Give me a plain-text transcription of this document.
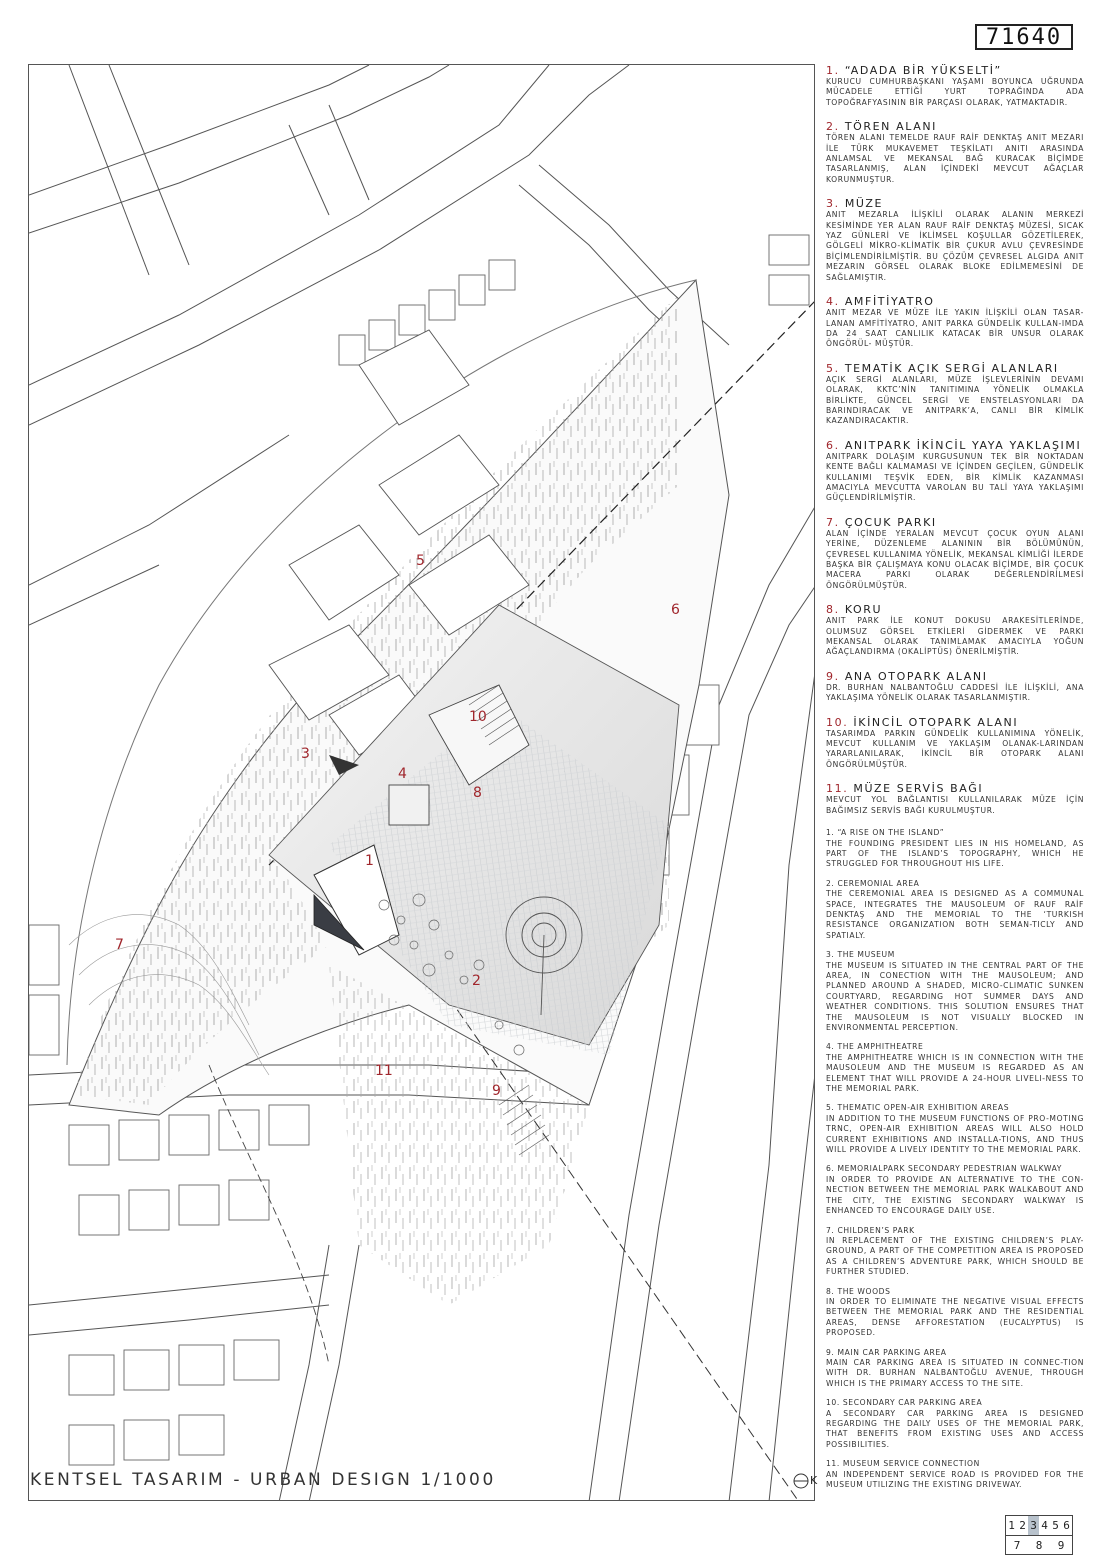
71640
1
2
3
4
5
6
7
8
9
10
11
KENTSEL TASARIM - URBAN DESIGN 1/1000	K
1. “ADADA BİR YÜKSELTİ”
KURUCU CUMHURBAŞKANI YAŞAMI BOYUNCA UĞRUNDA MÜCADELE ETTİĞİ YURT TOPRAĞINDA ADA TOPOĞRAFYASININ BİR PARÇASI OLARAK, YATMAKTADIR.
2. TÖREN ALANI
TÖREN ALANI TEMELDE RAUF RAİF DENKTAŞ ANIT MEZARI İLE TÜRK MUKAVEMET TEŞKİLATI ANITI ARASINDA ANLAMSAL VE MEKANSAL BAĞ KURACAK BİÇİMDE TASARLANMIŞ, ALAN İÇİNDEKİ MEVCUT AĞAÇLAR KORUNMUŞTUR.
3. MÜZE
ANIT MEZARLA İLİŞKİLİ OLARAK ALANIN MERKEZİ KESİMİNDE YER ALAN RAUF RAİF DENKTAŞ MÜZESİ, SICAK YAZ GÜNLERİ VE İKLİMSEL KOŞULLAR GÖZETİLEREK, GÖLGELİ MİKRO-KLİMATİK BİR ÇUKUR AVLU ÇEVRESİNDE BİÇİMLENDİRİLMİŞTİR. BU ÇÖZÜM ÇEVRESEL ALGIDA ANIT MEZARIN GÖRSEL OLARAK BLOKE EDİLMEMESİNİ DE SAĞLAMIŞTIR.
4. AMFİTİYATRO
ANIT MEZAR VE MÜZE İLE YAKIN İLİŞKİLİ OLAN TASAR-LANAN AMFİTİYATRO, ANIT PARKA GÜNDELİK KULLAN-IMDA DA 24 SAAT CANLILIK KATACAK BİR UNSUR OLARAK ÖNGÖRÜL- MÜŞTÜR.
5. TEMATİK AÇIK SERGİ ALANLARI
AÇIK SERGİ ALANLARI, MÜZE İŞLEVLERİNİN DEVAMI OLARAK, KKTC’NİN TANITIMINA YÖNELİK OLMAKLA BİRLİKTE, GÜNCEL SERGİ VE ENSTELASYONLARI DA BARINDIRACAK VE ANITPARK’A, CANLI BİR KİMLİK KAZANDIRACAKTIR.
6. ANITPARK İKİNCİL YAYA YAKLAŞIMI
ANITPARK DOLAŞIM KURGUSUNUN TEK BİR NOKTADAN KENTE BAĞLI KALMAMASI VE İÇİNDEN GEÇİLEN, GÜNDELİK KULLANIMI TEŞVİK EDEN, BİR KİMLİK KAZANMASI AMACIYLA MEVCUTTA VAROLAN BU TALİ YAYA YAKLAŞIMI GÜÇLENDİRİLMİŞTİR.
7. ÇOCUK PARKI
ALAN İÇİNDE YERALAN MEVCUT ÇOCUK OYUN ALANI YERİNE, DÜZENLEME ALANININ BİR BÖLÜMÜNÜN, ÇEVRESEL KULLANIMA YÖNELİK, MEKANSAL KİMLİĞİ İLERDE BAŞKA BİR ÇALIŞMAYA KONU OLACAK BİÇİMDE, BİR ÇOCUK MACERA PARKI OLARAK DEĞERLENDİRİLMESİ ÖNGÖRÜLMÜŞTÜR.
8. KORU
ANIT PARK İLE KONUT DOKUSU ARAKESİTLERİNDE, OLUMSUZ GÖRSEL ETKİLERİ GİDERMEK VE PARKI MEKANSAL OLARAK TANIMLAMAK AMACIYLA YOĞUN AĞAÇLANDIRMA (OKALİPTÜS) ÖNERİLMİŞTİR.
9. ANA OTOPARK ALANI
DR. BURHAN NALBANTOĞLU CADDESİ İLE İLİŞKİLİ, ANA YAKLAŞIMA YÖNELİK OLARAK TASARLANMIŞTIR.
10. İKİNCİL OTOPARK ALANI
TASARIMDA PARKIN GÜNDELİK KULLANIMINA YÖNELİK, MEVCUT KULLANIM VE YAKLAŞIM OLANAK-LARINDAN YARARLANILARAK, İKİNCİL BİR OTOPARK ALANI ÖNGÖRÜLMÜŞTÜR.
11. MÜZE SERVİS BAĞI
MEVCUT YOL BAĞLANTISI KULLANILARAK MÜZE İÇİN BAĞIMSIZ SERVİS BAĞI KURULMUŞTUR.
1. “A RISE ON THE ISLAND”
THE FOUNDING PRESIDENT LIES IN HIS HOMELAND, AS PART OF THE ISLAND’S TOPOGRAPHY, WHICH HE STRUGGLED FOR THROUGHOUT HIS LIFE.
2. CEREMONIAL AREA
THE CEREMONIAL AREA IS DESIGNED AS A COMMUNAL SPACE, INTEGRATES THE MAUSOLEUM OF RAUF RAİF DENKTAŞ AND THE MEMORIAL TO THE ‘TURKISH RESISTANCE ORGANIZATION BOTH SEMAN-TICLY AND SPATIALY.
3. THE MUSEUM
THE MUSEUM IS SITUATED IN THE CENTRAL PART OF THE AREA, IN CONECTION WITH THE MAUSOLEUM; AND PLANNED AROUND A SHADED, MICRO-CLIMATIC SUNKEN COURTYARD, REGARDING HOT SUMMER DAYS AND WEATHER CONDITIONS. THIS SOLUTION ENSURES THAT THE MAUSOLEUM IS NOT VISUALLY BLOCKED IN ENVIRONMENTAL PERCEPTION.
4. THE AMPHITHEATRE
THE AMPHITHEATRE WHICH IS IN CONNECTION WITH THE MAUSOLEUM AND THE MUSEUM IS REGARDED AS AN ELEMENT THAT WILL PROVIDE A 24-HOUR LIVELI-NESS TO THE MEMORIAL PARK.
5. THEMATIC OPEN-AIR EXHIBITION AREAS
IN ADDITION TO THE MUSEUM FUNCTIONS OF PRO-MOTING TRNC, OPEN-AIR EXHIBITION AREAS WILL ALSO HOLD CURRENT EXHIBITIONS AND INSTALLA-TIONS, AND THUS WILL PROVIDE A LIVELY IDENTITY TO THE MEMORIAL PARK.
6. MEMORIALPARK SECONDARY PEDESTRIAN WALKWAY
IN ORDER TO PROVIDE AN ALTERNATIVE TO THE CON-NECTION BETWEEN THE MEMORIAL PARK WALKABOUT AND THE CITY, THE EXISTING SECONDARY WALKWAY IS ENHANCED TO ENCOURAGE DAILY USE.
7. CHILDREN’S PARK
IN REPLACEMENT OF THE EXISTING CHILDREN’S PLAY-GROUND, A PART OF THE COMPETITION AREA IS PROPOSED AS A CHILDREN’S ADVENTURE PARK, WHICH SHOULD BE FURTHER STUDIED.
8. THE WOODS
IN ORDER TO ELIMINATE THE NEGATIVE VISUAL EFFECTS BETWEEN THE MEMORIAL PARK AND THE RESIDENTIAL AREAS, DENSE AFFORESTATION (EUCALYPTUS) IS PROPOSED.
9. MAIN CAR PARKING AREA
MAIN CAR PARKING AREA IS SITUATED IN CONNEC-TION WITH DR. BURHAN NALBANTOĞLU AVENUE, THROUGH WHICH IS THE PRIMARY ACCESS TO THE SITE.
10. SECONDARY CAR PARKING AREA
A SECONDARY CAR PARKING AREA IS DESIGNED REGARDING THE DAILY USES OF THE MEMORIAL PARK, THAT BENEFITS FROM EXISTING USES AND ACCESS POSSIBILITIES.
11. MUSEUM SERVICE CONNECTION
AN INDEPENDENT SERVICE ROAD IS PROVIDED FOR THE MUSEUM UTILIZING THE EXISTING DRIVEWAY.
1 2 3 4 5 6
7	8	9
